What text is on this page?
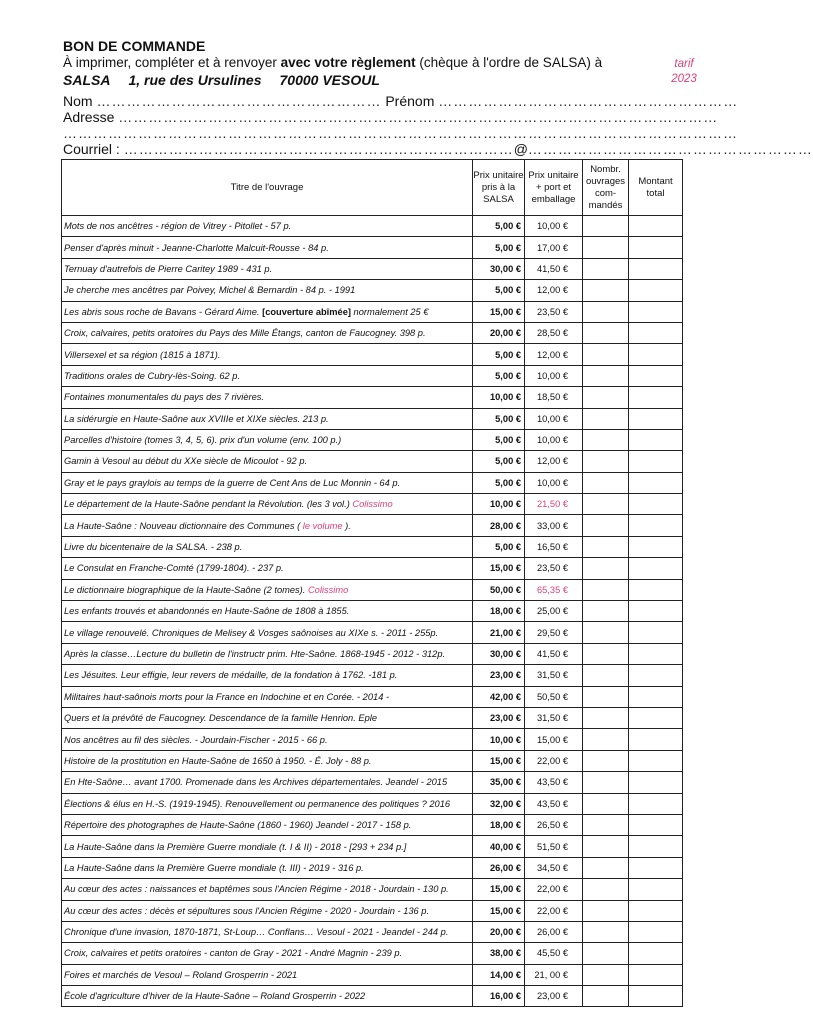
BON DE COMMANDE
À imprimer, compléter et à renvoyer avec votre règlement (chèque à l'ordre de SALSA) à
SALSA 1, rue des Ursulines 70000 VESOUL
tarif
2023
Nom ………………………………………………… Prénom ……………………………………………………
Adresse …………………………………………………………………………………………………………
………………………………………………………………………………………………………………………
Courriel : ……………………………………………………………………@…………………………………………………
Titre de l'ouvrage	Prix unitaire pris à la SALSA	Prix unitaire + port et emballage	Nombr. ouvrages com-mandés	Montant total
Mots de nos ancêtres - région de Vitrey - Pitollet - 57 p.	5,00 €	10,00 €		
Penser d'après minuit - Jeanne-Charlotte Malcuit-Rousse - 84 p.	5,00 €	17,00 €		
Ternuay d'autrefois de Pierre Caritey 1989 - 431 p.	30,00 €	41,50 €		
Je cherche mes ancêtres par Poivey, Michel & Bernardin - 84 p. - 1991	5,00 €	12,00 €		
Les abris sous roche de Bavans - Gérard Aime. [couverture abîmée] normalement 25 €	15,00 €	23,50 €		
Croix, calvaires, petits oratoires du Pays des Mille Étangs, canton de Faucogney. 398 p.	20,00 €	28,50 €		
Villersexel et sa région (1815 à 1871).	5,00 €	12,00 €		
Traditions orales de Cubry-lès-Soing. 62 p.	5,00 €	10,00 €		
Fontaines monumentales du pays des 7 rivières.	10,00 €	18,50 €		
La sidérurgie en Haute-Saône aux XVIIIe et XIXe siècles. 213 p.	5,00 €	10,00 €		
Parcelles d'histoire (tomes 3, 4, 5, 6). prix d'un volume (env. 100 p.)	5,00 €	10,00 €		
Gamin à Vesoul au début du XXe siècle de Micoulot - 92 p.	5,00 €	12,00 €		
Gray et le pays graylois au temps de la guerre de Cent Ans de Luc Monnin - 64 p.	5,00 €	10,00 €		
Le département de la Haute-Saône pendant la Révolution. (les 3 vol.) Colissimo	10,00 €	21,50 €		
La Haute-Saône : Nouveau dictionnaire des Communes ( le volume ).	28,00 €	33,00 €		
Livre du bicentenaire de la SALSA. - 238 p.	5,00 €	16,50 €		
Le Consulat en Franche-Comté (1799-1804). - 237 p.	15,00 €	23,50 €		
Le dictionnaire biographique de la Haute-Saône (2 tomes). Colissimo	50,00 €	65,35 €		
Les enfants trouvés et abandonnés en Haute-Saône de 1808 à 1855.	18,00 €	25,00 €		
Le village renouvelé. Chroniques de Melisey & Vosges saônoises au XIXe s. - 2011 - 255p.	21,00 €	29,50 €		
Après la classe…Lecture du bulletin de l'instructr prim. Hte-Saône. 1868-1945 - 2012 - 312p.	30,00 €	41,50 €		
Les Jésuites. Leur effigie, leur revers de médaille, de la fondation à 1762. -181 p.	23,00 €	31,50 €		
Militaires haut-saônois morts pour la France en Indochine et en Corée. - 2014 -	42,00 €	50,50 €		
Quers et la prévôté de Faucogney. Descendance de la famille Henrion. Eple	23,00 €	31,50 €		
Nos ancêtres au fil des siècles. - Jourdain-Fischer - 2015 - 66 p.	10,00 €	15,00 €		
Histoire de la prostitution en Haute-Saône de 1650 à 1950. - É. Joly - 88 p.	15,00 €	22,00 €		
En Hte-Saône… avant 1700. Promenade dans les Archives départementales. Jeandel - 2015	35,00 €	43,50 €		
Élections & élus en H.-S. (1919-1945). Renouvellement ou permanence des politiques ? 2016	32,00 €	43,50 €		
Répertoire des photographes de Haute-Saône (1860 - 1960) Jeandel - 2017 - 158 p.	18,00 €	26,50 €		
La Haute-Saône dans la Première Guerre mondiale (t. I & II) - 2018 - [293 + 234 p.]	40,00 €	51,50 €		
La Haute-Saône dans la Première Guerre mondiale (t. III) - 2019 - 316 p.	26,00 €	34,50 €		
Au cœur des actes : naissances et baptêmes sous l'Ancien Régime - 2018 - Jourdain - 130 p.	15,00 €	22,00 €		
Au cœur des actes : décès et sépultures sous l'Ancien Régime - 2020 - Jourdain - 136 p.	15,00 €	22,00 €		
Chronique d'une invasion, 1870-1871, St-Loup… Conflans… Vesoul - 2021 - Jeandel - 244 p.	20,00 €	26,00 €		
Croix, calvaires et petits oratoires - canton de Gray - 2021 - André Magnin - 239 p.	38,00 €	45,50 €		
Foires et marchés de Vesoul – Roland Grosperrin - 2021	14,00 €	21, 00 €		
École d'agriculture d'hiver de la Haute-Saône – Roland Grosperrin - 2022	16,00 €	23,00 €		
